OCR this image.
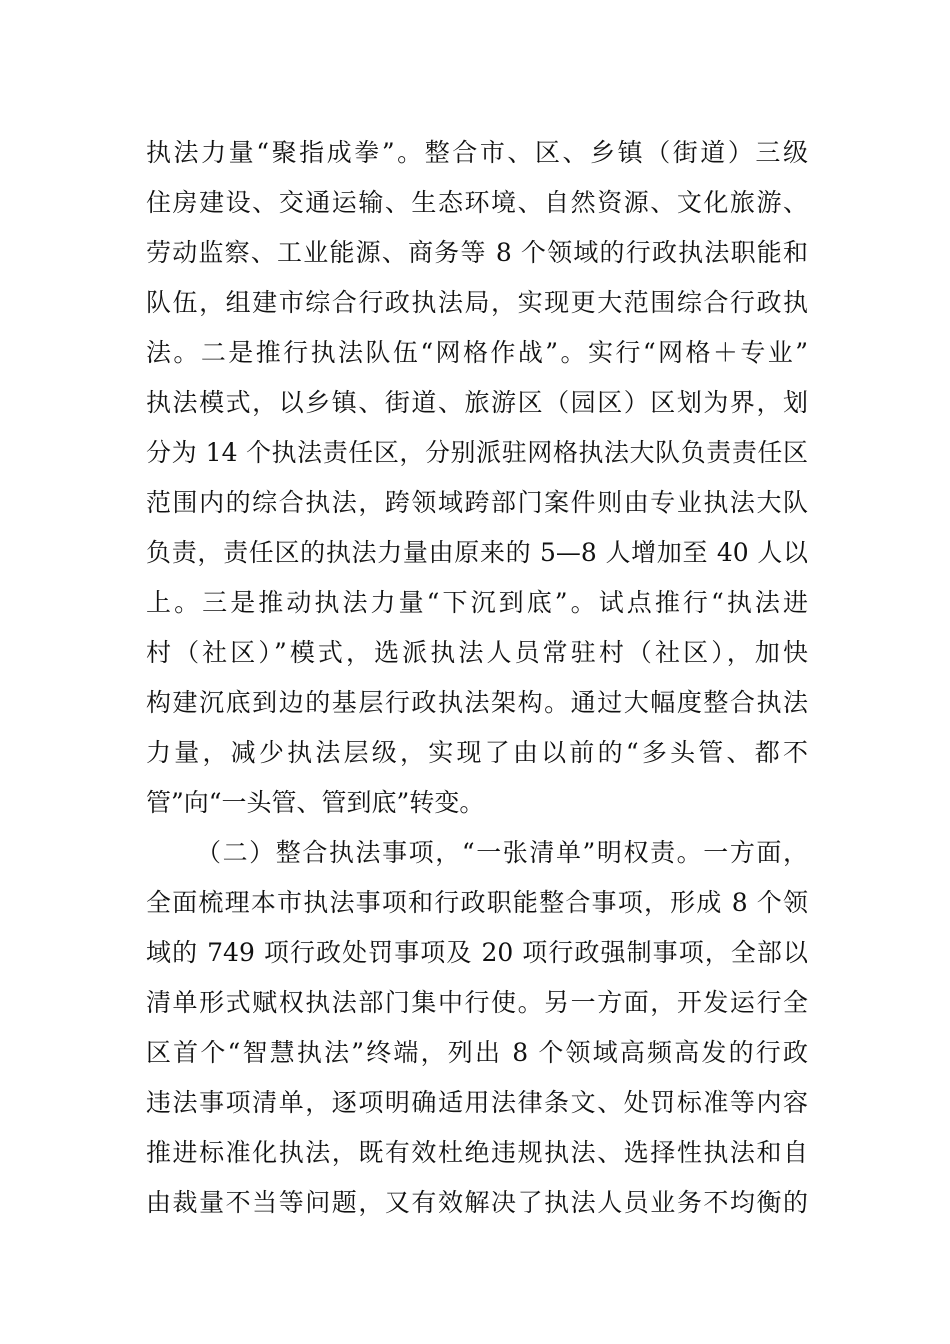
执法力量“聚指成拳”。整合市、区、乡镇（街道）三级
住房建设、交通运输、生态环境、自然资源、文化旅游、
劳动监察、工业能源、商务等 8 个领域的行政执法职能和
队伍，组建市综合行政执法局，实现更大范围综合行政执
法。二是推行执法队伍“网格作战”。实行“网格＋专业”
执法模式，以乡镇、街道、旅游区（园区）区划为界，划
分为 14 个执法责任区，分别派驻网格执法大队负责责任区
范围内的综合执法，跨领域跨部门案件则由专业执法大队
负责，责任区的执法力量由原来的 5—8 人增加至 40 人以
上。三是推动执法力量“下沉到底”。试点推行“执法进
村（社区）”模式，选派执法人员常驻村（社区），加快
构建沉底到边的基层行政执法架构。通过大幅度整合执法
力量，减少执法层级，实现了由以前的“多头管、都不
管”向“一头管、管到底”转变。
（二）整合执法事项，“一张清单”明权责。一方面，
全面梳理本市执法事项和行政职能整合事项，形成 8 个领
域的 749 项行政处罚事项及 20 项行政强制事项，全部以
清单形式赋权执法部门集中行使。另一方面，开发运行全
区首个“智慧执法”终端，列出 8 个领域高频高发的行政
违法事项清单，逐项明确适用法律条文、处罚标准等内容
推进标准化执法，既有效杜绝违规执法、选择性执法和自
由裁量不当等问题，又有效解决了执法人员业务不均衡的
